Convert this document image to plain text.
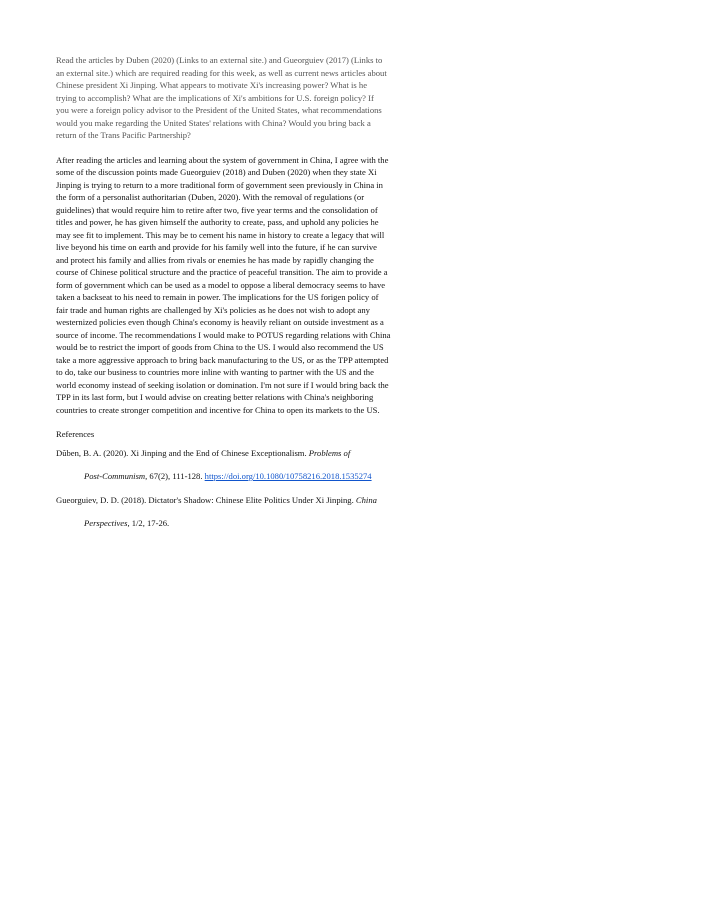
Read the articles by Duben (2020) (Links to an external site.) and Gueorguiev (2017) (Links to
an external site.) which are required reading for this week, as well as current news articles about
Chinese president Xi Jinping. What appears to motivate Xi's increasing power? What is he
trying to accomplish? What are the implications of Xi's ambitions for U.S. foreign policy? If
you were a foreign policy advisor to the President of the United States, what recommendations
would you make regarding the United States' relations with China? Would you bring back a
return of the Trans Pacific Partnership?
After reading the articles and learning about the system of government in China, I agree with the
some of the discussion points made Gueorguiev (2018) and Duben (2020) when they state Xi
Jinping is trying to return to a more traditional form of government seen previously in China in
the form of a personalist authoritarian (Duben, 2020). With the removal of regulations (or
guidelines) that would require him to retire after two, five year terms and the consolidation of
titles and power, he has given himself the authority to create, pass, and uphold any policies he
may see fit to implement. This may be to cement his name in history to create a legacy that will
live beyond his time on earth and provide for his family well into the future, if he can survive
and protect his family and allies from rivals or enemies he has made by rapidly changing the
course of Chinese political structure and the practice of peaceful transition. The aim to provide a
form of government which can be used as a model to oppose a liberal democracy seems to have
taken a backseat to his need to remain in power. The implications for the US forigen policy of
fair trade and human rights are challenged by Xi's policies as he does not wish to adopt any
westernized policies even though China's economy is heavily reliant on outside investment as a
source of income. The recommendations I would make to POTUS regarding relations with China
would be to restrict the import of goods from China to the US. I would also recommend the US
take a more aggressive approach to bring back manufacturing to the US, or as the TPP attempted
to do, take our business to countries more inline with wanting to partner with the US and the
world economy instead of seeking isolation or domination. I'm not sure if I would bring back the
TPP in its last form, but I would advise on creating better relations with China's neighboring
countries to create stronger competition and incentive for China to open its markets to the US.
References
Dũben, B. A. (2020). Xi Jinping and the End of Chinese Exceptionalism. Problems of
Post-Communism, 67(2), 111-128. https://doi.org/10.1080/10758216.2018.1535274
Gueorguiev, D. D. (2018). Dictator's Shadow: Chinese Elite Politics Under Xi Jinping. China
Perspectives, 1/2, 17-26.
